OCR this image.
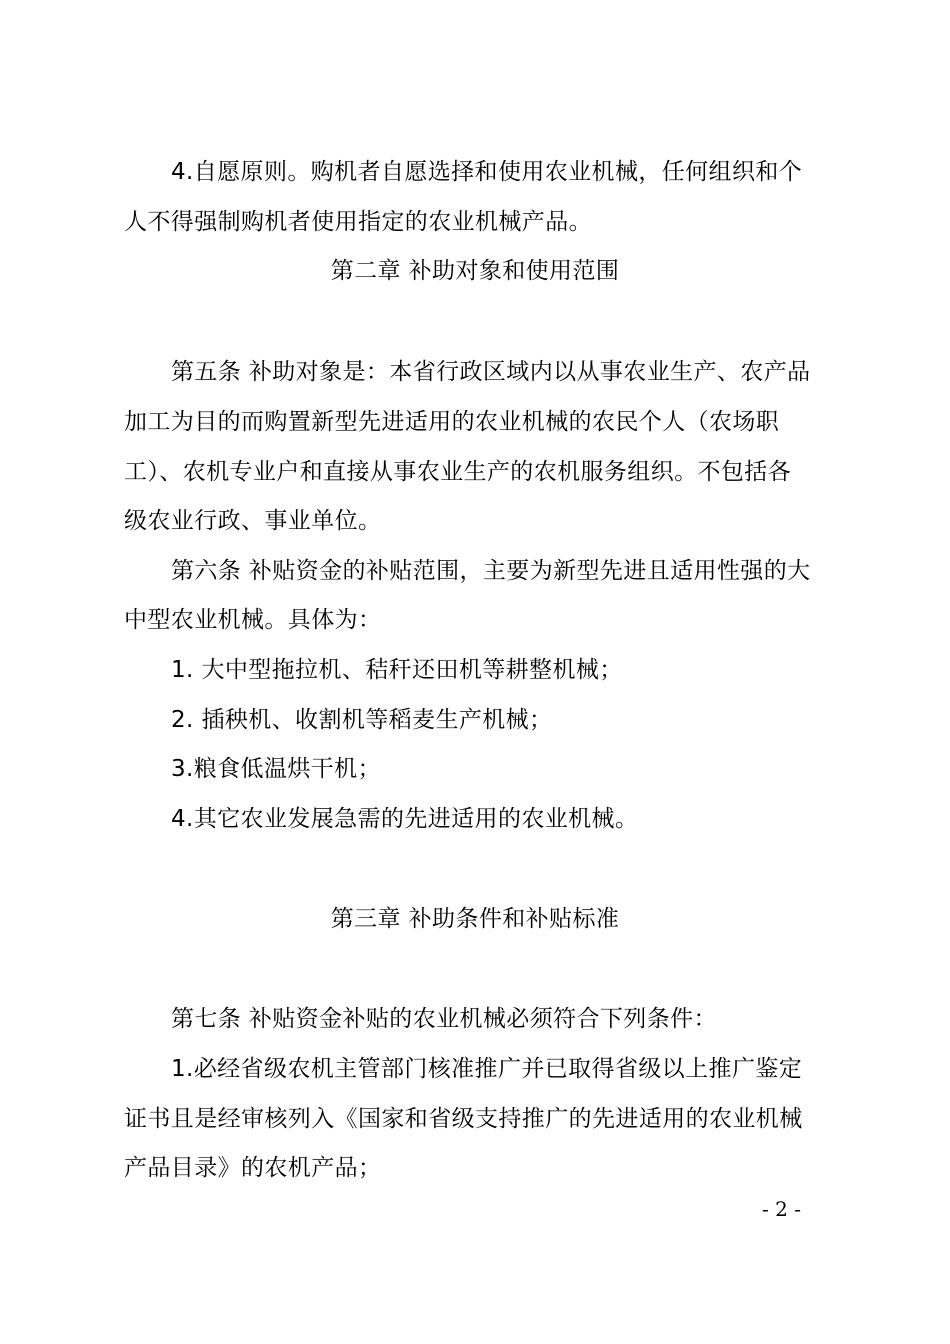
4.自愿原则。购机者自愿选择和使用农业机械，任何组织和个
人不得强制购机者使用指定的农业机械产品。
第二章 补助对象和使用范围
第五条 补助对象是：本省行政区域内以从事农业生产、农产品
加工为目的而购置新型先进适用的农业机械的农民个人（农场职
工）、农机专业户和直接从事农业生产的农机服务组织。不包括各
级农业行政、事业单位。
第六条 补贴资金的补贴范围，主要为新型先进且适用性强的大
中型农业机械。具体为：
1. 大中型拖拉机、秸秆还田机等耕整机械；
2. 插秧机、收割机等稻麦生产机械；
3.粮食低温烘干机；
4.其它农业发展急需的先进适用的农业机械。
第三章 补助条件和补贴标准
第七条 补贴资金补贴的农业机械必须符合下列条件：
1.必经省级农机主管部门核准推广并已取得省级以上推广鉴定
证书且是经审核列入《国家和省级支持推广的先进适用的农业机械
产品目录》的农机产品；
- 2 -
